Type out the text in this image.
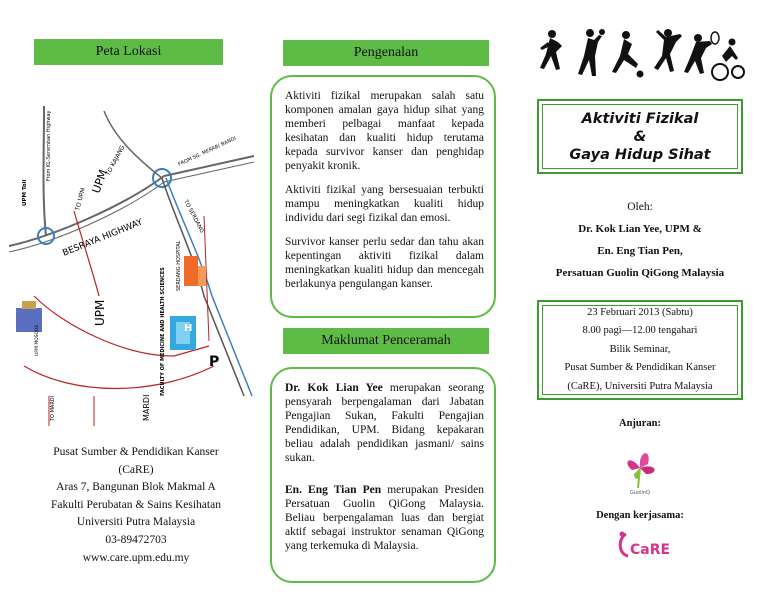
Peta Lokasi
P
H
From KL-Seremban Highway
UPM Toll
BESRAYA HIGHWAY
TO KAJANG
TO UPM
UPM
UPM
FROM SG. MERAB/ BANGI
TO SERDANG
UPM MOSQUE	FACULTY OF MEDICINE AND HEALTH SCIENCES
SERDANG HOSPITAL
TO MARDI	MARDI
Pusat Sumber & Pendidikan Kanser
(CaRE)
Aras 7, Bangunan Blok Makmal A
Fakulti Perubatan & Sains Kesihatan
Universiti Putra Malaysia
03-89472703
www.care.upm.edu.my
Pengenalan

Aktiviti fizikal merupakan salah satu komponen amalan gaya hidup sihat yang memberi pelbagai manfaat kepada kesihatan dan kualiti hidup terutama kepada survivor kanser dan penghidap penyakit kronik.

Aktiviti fizikal yang bersesuaian terbukti mampu meningkatkan kualiti hidup individu dari segi fizikal dan emosi.

Survivor kanser perlu sedar dan tahu akan kepentingan aktiviti fizikal dalam meningkatkan kualiti hidup dan mencegah berlakunya pengulangan kanser.

Maklumat Penceramah

Dr. Kok Lian Yee merupakan seorang pensyarah berpengalaman dari Jabatan Pengajian Sukan, Fakulti Pengajian Pendidikan, UPM. Bidang kepakaran beliau adalah pendidikan jasmani/ sains sukan.

En. Eng Tian Pen merupakan Presiden Persatuan Guolin QiGong Malaysia. Beliau berpengalaman luas dan bergiat aktif sebagai instruktor senaman QiGong yang terkemuka di Malaysia.

Aktiviti Fizikal
&
Gaya Hidup Sihat
Oleh:
Dr. Kok Lian Yee, UPM &
En. Eng Tian Pen,
Persatuan Guolin QiGong Malaysia
23 Februari 2013 (Sabtu)
8.00 pagi—12.00 tengahari
Bilik Seminar,
Pusat Sumber & Pendidikan Kanser
(CaRE), Universiti Putra Malaysia
Anjuran:
GuolinQ
Dengan kerjasama:
CaRE
